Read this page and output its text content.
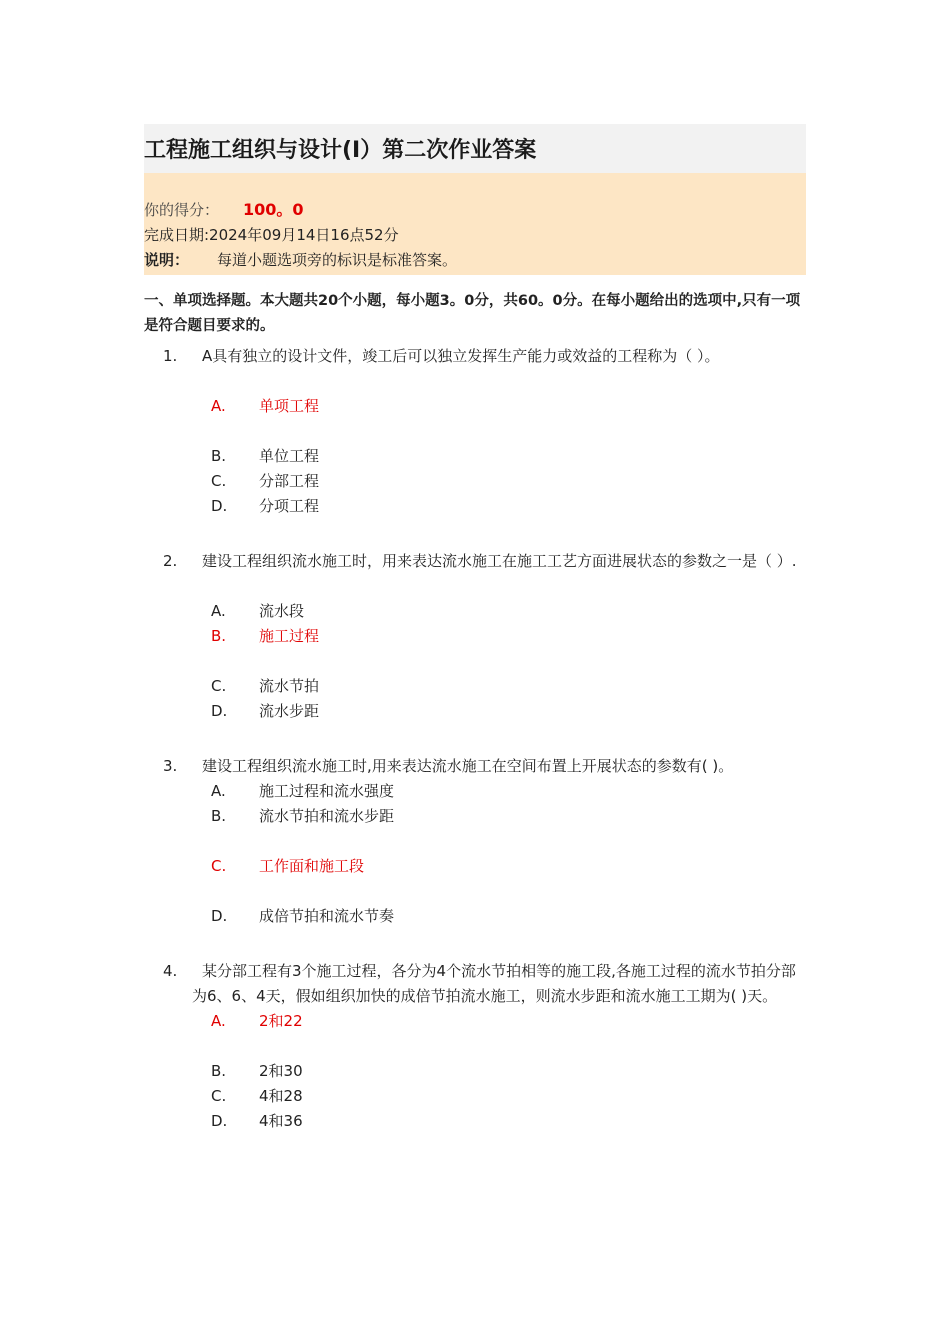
工程施工组织与设计(I）第二次作业答案
你的得分： 100。0
完成日期:2024年09月14日16点52分
说明： 每道小题选项旁的标识是标准答案。
一、单项选择题。本大题共20个小题，每小题3。0分，共60。0分。在每小题给出的选项中,只有一项是符合题目要求的。
1.	A具有独立的设计文件，竣工后可以独立发挥生产能力或效益的工程称为（ ）。
A.	单项工程
B.	单位工程
C.	分部工程
D.	分项工程
2.	建设工程组织流水施工时，用来表达流水施工在施工工艺方面进展状态的参数之一是（ ）.
A.	流水段
B.	施工过程
C.	流水节拍
D.	流水步距
3.	建设工程组织流水施工时,用来表达流水施工在空间布置上开展状态的参数有( )。
A.	施工过程和流水强度
B.	流水节拍和流水步距
C.	工作面和施工段
D.	成倍节拍和流水节奏
4.	某分部工程有3个施工过程，各分为4个流水节拍相等的施工段,各施工过程的流水节拍分部为6、6、4天，假如组织加快的成倍节拍流水施工，则流水步距和流水施工工期为( )天。
A.	2和22
B.	2和30
C.	4和28
D.	4和36
